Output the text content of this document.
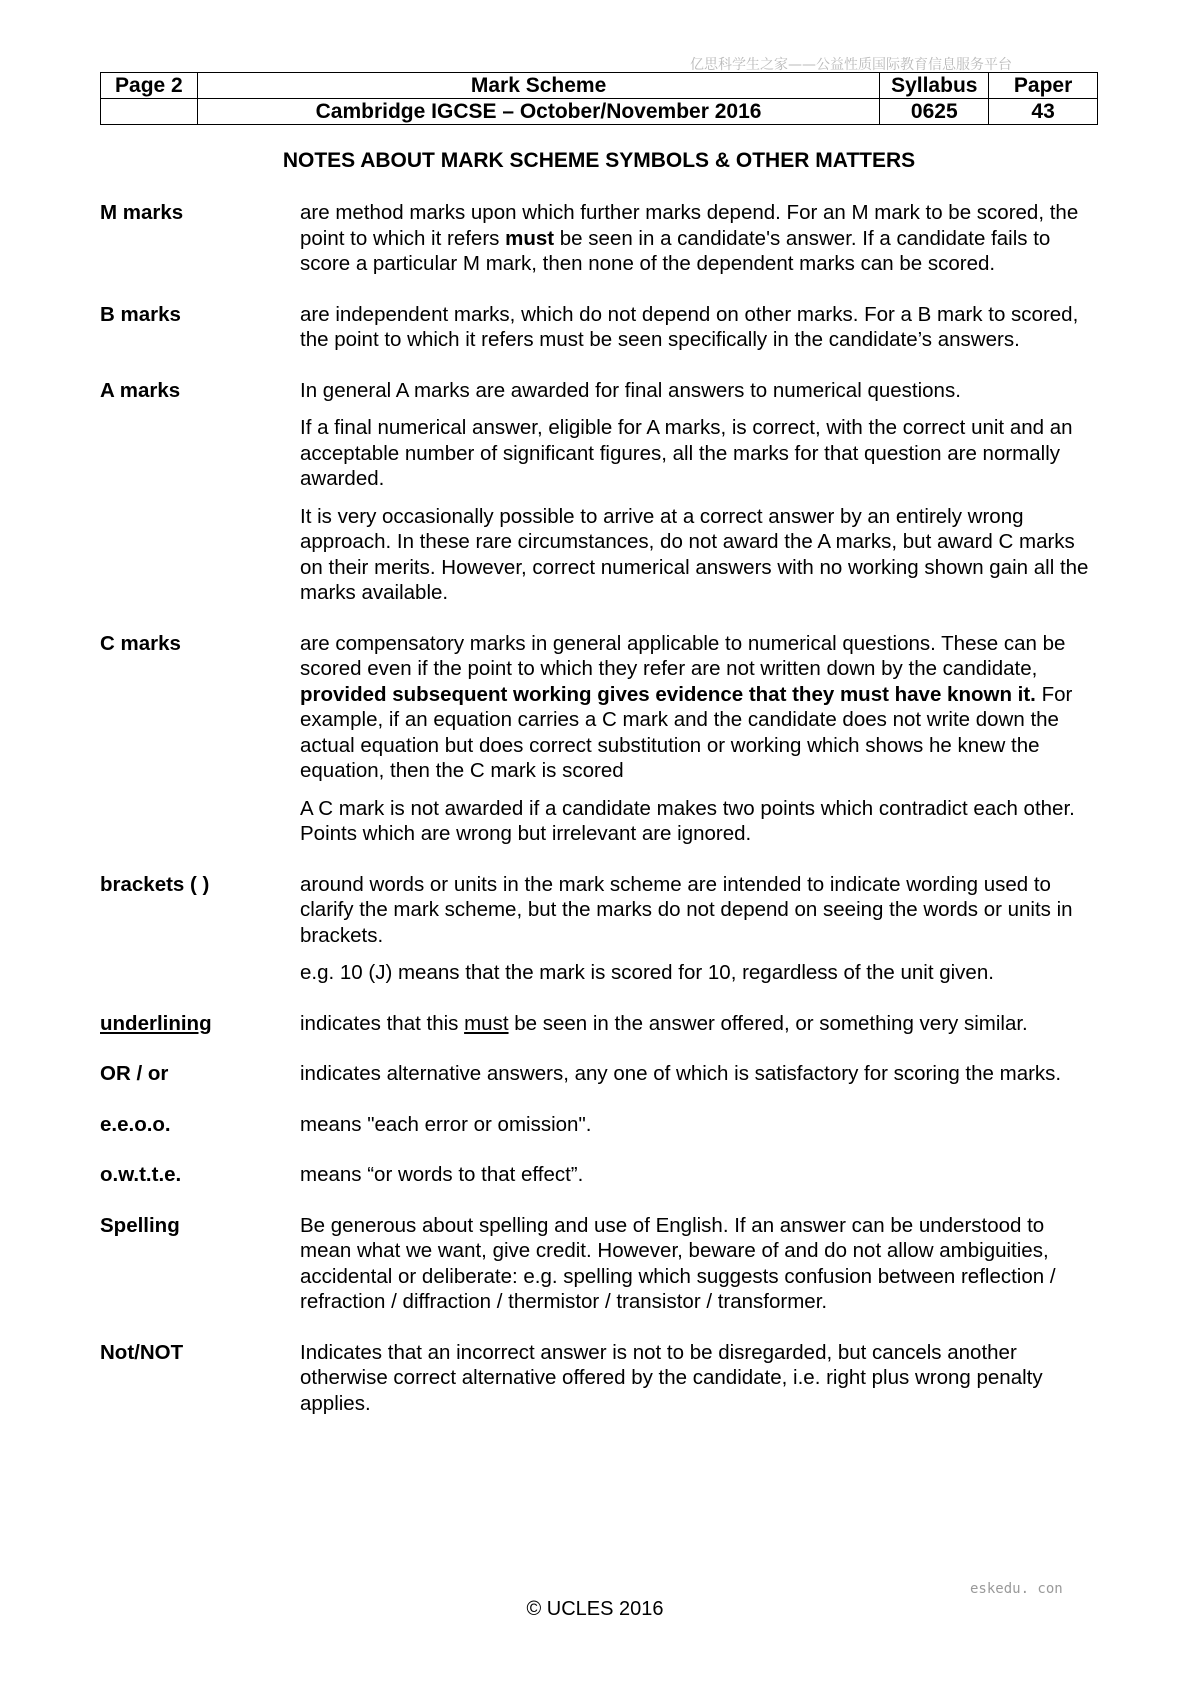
亿思科学生之家——公益性质国际教育信息服务平台
Page 2	Mark Scheme	Syllabus	Paper
	Cambridge IGCSE – October/November 2016	0625	43
NOTES ABOUT MARK SCHEME SYMBOLS & OTHER MATTERS
M marks	are method marks upon which further marks depend. For an M mark to be scored, the point to which it refers must be seen in a candidate's answer. If a candidate fails to score a particular M mark, then none of the dependent marks can be scored.

B marks	are independent marks, which do not depend on other marks. For a B mark to scored, the point to which it refers must be seen specifically in the candidate’s answers.

A marks	In general A marks are awarded for final answers to numerical questions.

If a final numerical answer, eligible for A marks, is correct, with the correct unit and an acceptable number of significant figures, all the marks for that question are normally awarded.

It is very occasionally possible to arrive at a correct answer by an entirely wrong approach. In these rare circumstances, do not award the A marks, but award C marks on their merits. However, correct numerical answers with no working shown gain all the marks available.

C marks	are compensatory marks in general applicable to numerical questions. These can be scored even if the point to which they refer are not written down by the candidate, provided subsequent working gives evidence that they must have known it. For example, if an equation carries a C mark and the candidate does not write down the actual equation but does correct substitution or working which shows he knew the equation, then the C mark is scored

A C mark is not awarded if a candidate makes two points which contradict each other. Points which are wrong but irrelevant are ignored.

brackets ( )	around words or units in the mark scheme are intended to indicate wording used to clarify the mark scheme, but the marks do not depend on seeing the words or units in brackets.

e.g. 10 (J) means that the mark is scored for 10, regardless of the unit given.

underlining	indicates that this must be seen in the answer offered, or something very similar.

OR / or	indicates alternative answers, any one of which is satisfactory for scoring the marks.

e.e.o.o.	means "each error or omission".

o.w.t.t.e.	means “or words to that effect”.

Spelling	Be generous about spelling and use of English. If an answer can be understood to mean what we want, give credit. However, beware of and do not allow ambiguities, accidental or deliberate: e.g. spelling which suggests confusion between reflection / refraction / diffraction / thermistor / transistor / transformer.

Not/NOT	Indicates that an incorrect answer is not to be disregarded, but cancels another otherwise correct alternative offered by the candidate, i.e. right plus wrong penalty applies.

eskedu. con
© UCLES 2016
